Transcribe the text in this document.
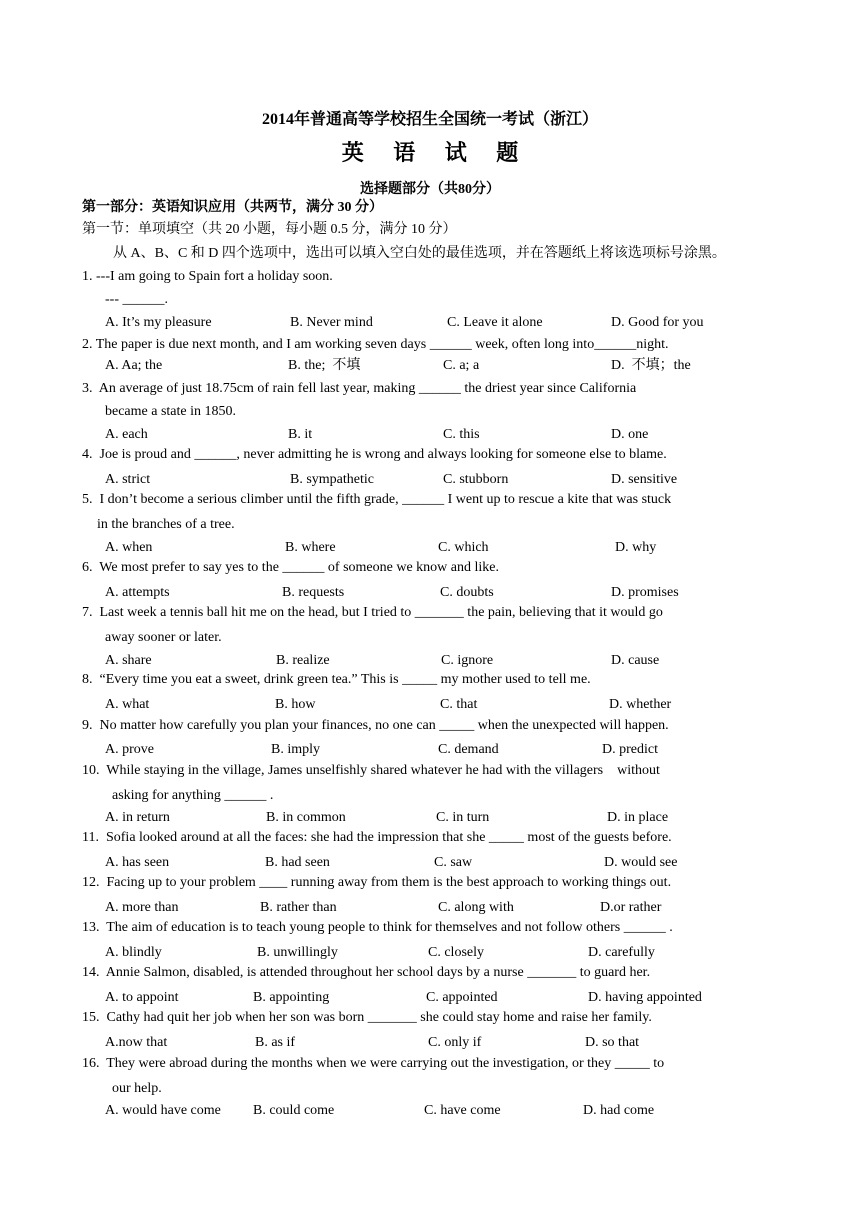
2014年普通高等学校招生全国统一考试（浙江）
英 语 试 题
选择题部分（共80分）
第一部分：英语知识应用（共两节，满分 30 分）
第一节：单项填空（共 20 小题，每小题 0.5 分，满分 10 分）
从 A、B、C 和 D 四个选项中，选出可以填入空白处的最佳选项，并在答题纸上将该选项标号涂黑。
1. ---I am going to Spain fort a holiday soon.
--- ______.
A. It’s my pleasure	B. Never mind	C. Leave it alone	D. Good for you
2. The paper is due next month, and I am working seven days ______ week, often long into______night.
A. Aa; the	B. the;  不填	C. a; a	D.  不填；the
3.  An average of just 18.75cm of rain fell last year, making ______ the driest year since California
became a state in 1850.
A. each	B. it	C. this	D. one
4.  Joe is proud and ______, never admitting he is wrong and always looking for someone else to blame.
A. strict	B. sympathetic	C. stubborn	D. sensitive
5.  I don’t become a serious climber until the fifth grade, ______ I went up to rescue a kite that was stuck
in the branches of a tree.
A. when	B. where	C. which	D. why
6.  We most prefer to say yes to the ______ of someone we know and like.
A. attempts	B. requests	C. doubts	D. promises
7.  Last week a tennis ball hit me on the head, but I tried to _______ the pain, believing that it would go
away sooner or later.
A. share	B. realize	C. ignore	D. cause
8.  “Every time you eat a sweet, drink green tea.” This is _____ my mother used to tell me.
A. what	B. how	C. that	D. whether
9.  No matter how carefully you plan your finances, no one can _____ when the unexpected will happen.
A. prove	B. imply	C. demand	D. predict
10.  While staying in the village, James unselfishly shared whatever he had with the villagers    without
asking for anything ______ .
A. in return	B. in common	C. in turn	D. in place
11.  Sofia looked around at all the faces: she had the impression that she _____ most of the guests before.
A. has seen	B. had seen	C. saw	D. would see
12.  Facing up to your problem ____ running away from them is the best approach to working things out.
A. more than	B. rather than	C. along with	D.or rather
13.  The aim of education is to teach young people to think for themselves and not follow others ______ .
A. blindly	B. unwillingly	C. closely	D. carefully
14.  Annie Salmon, disabled, is attended throughout her school days by a nurse _______ to guard her.
A. to appoint	B. appointing	C. appointed	D. having appointed
15.  Cathy had quit her job when her son was born _______ she could stay home and raise her family.
A.now that	B. as if	C. only if	D. so that
16.  They were abroad during the months when we were carrying out the investigation, or they _____ to
our help.
A. would have come B. could come	C. have come	D. had come
